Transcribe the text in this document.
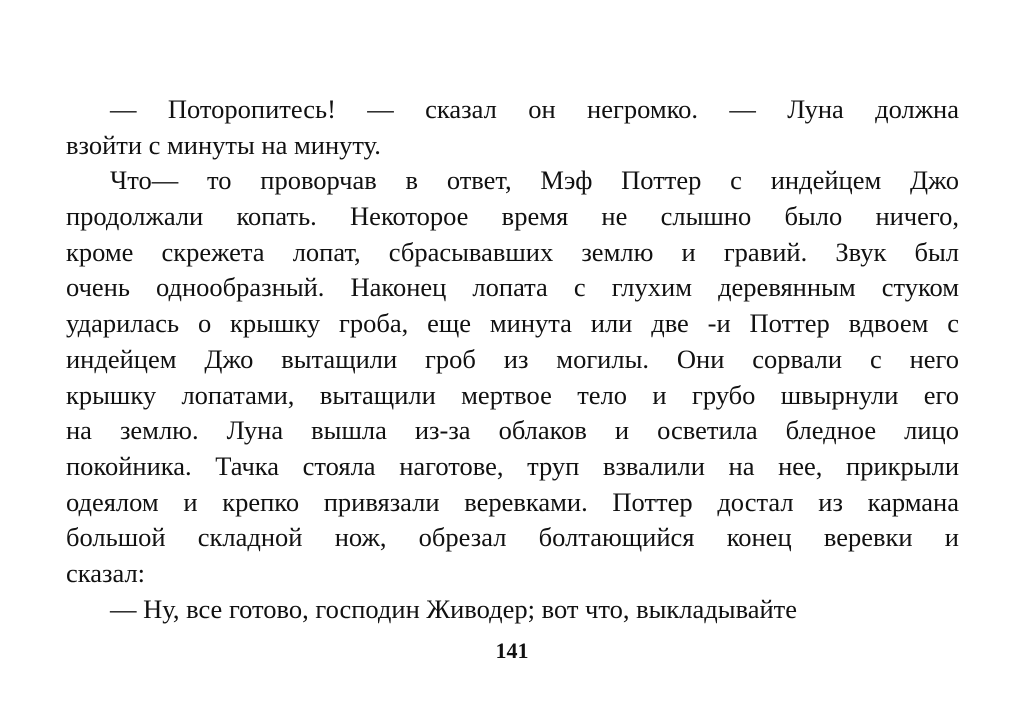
— Поторопитесь! — сказал он негромко. — Луна должна
взойти с минуты на минуту.
Что— то проворчав в ответ, Мэф Поттер с индейцем Джо
продолжали копать. Некоторое время не слышно было ничего,
кроме скрежета лопат, сбрасывавших землю и гравий. Звук был
очень однообразный. Наконец лопата с глухим деревянным стуком
ударилась о крышку гроба, еще минута или две -и Поттер вдвоем с
индейцем Джо вытащили гроб из могилы. Они сорвали с него
крышку лопатами, вытащили мертвое тело и грубо швырнули его
на землю. Луна вышла из-за облаков и осветила бледное лицо
покойника. Тачка стояла наготове, труп взвалили на нее, прикрыли
одеялом и крепко привязали веревками. Поттер достал из кармана
большой складной нож, обрезал болтающийся конец веревки и
сказал:
— Ну, все готово, господин Живодер; вот что, выкладывайте
141
